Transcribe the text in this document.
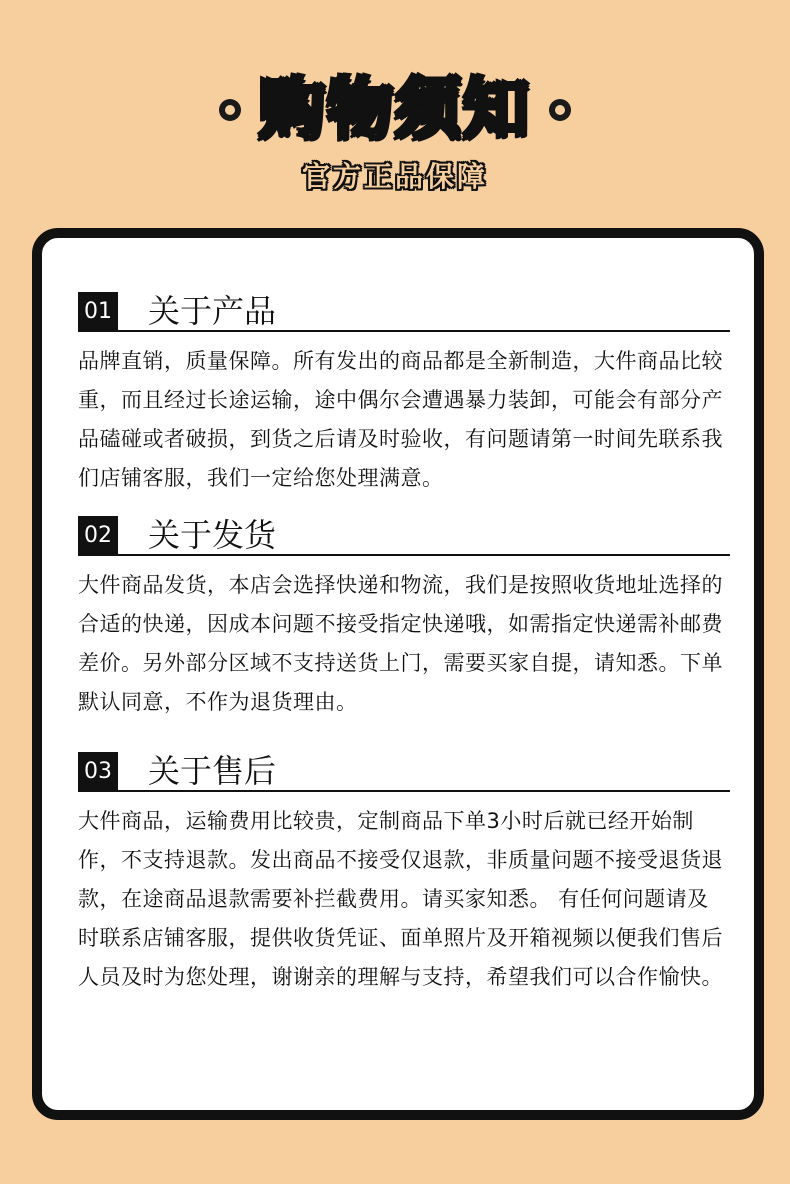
购物须知
官方正品保障
01 关于产品
品牌直销，质量保障。所有发出的商品都是全新制造，大件商品比较重，而且经过长途运输，途中偶尔会遭遇暴力装卸，可能会有部分产品磕碰或者破损，到货之后请及时验收，有问题请第一时间先联系我们店铺客服，我们一定给您处理满意。
02 关于发货
大件商品发货，本店会选择快递和物流，我们是按照收货地址选择的合适的快递，因成本问题不接受指定快递哦，如需指定快递需补邮费差价。另外部分区域不支持送货上门，需要买家自提，请知悉。下单默认同意，不作为退货理由。
03 关于售后
大件商品，运输费用比较贵，定制商品下单3小时后就已经开始制作，不支持退款。发出商品不接受仅退款，非质量问题不接受退货退款，在途商品退款需要补拦截费用。请买家知悉。 有任何问题请及时联系店铺客服，提供收货凭证、面单照片及开箱视频以便我们售后人员及时为您处理，谢谢亲的理解与支持，希望我们可以合作愉快。
